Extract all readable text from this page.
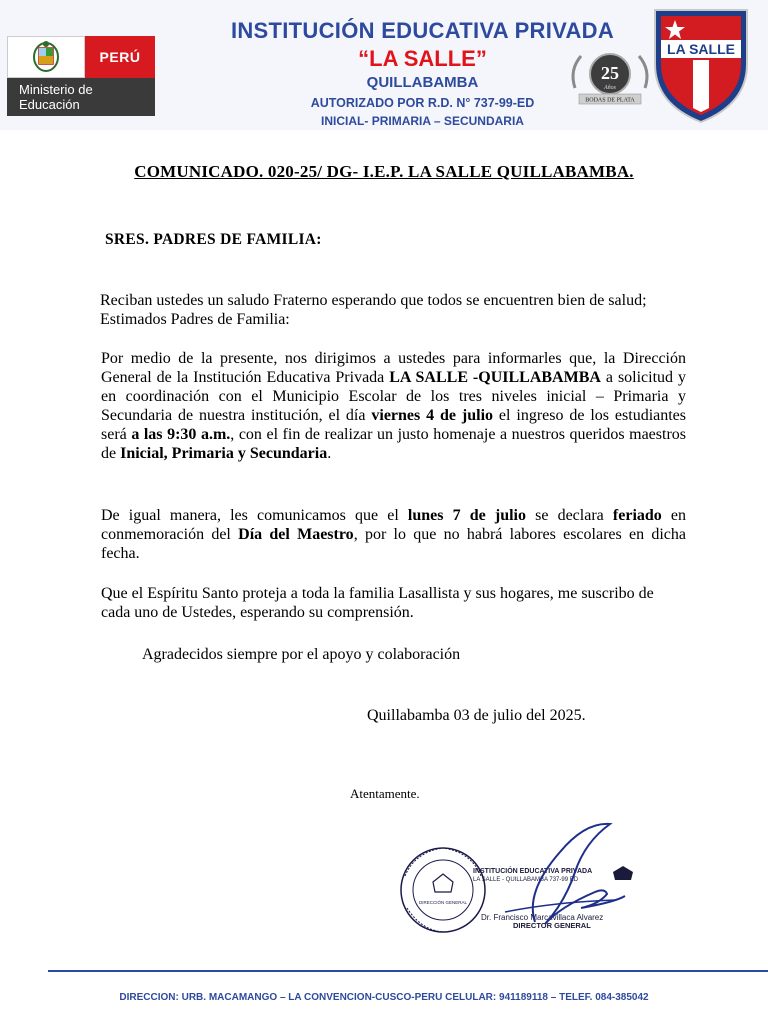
PERÚ
Ministerio de
Educación
INSTITUCIÓN EDUCATIVA PRIVADA
“LA SALLE”
QUILLABAMBA
AUTORIZADO POR R.D. N° 737-99-ED
INICIAL- PRIMARIA – SECUNDARIA
25
Años
BODAS DE PLATA
LA SALLE
COMUNICADO. 020-25/ DG- I.E.P. LA SALLE QUILLABAMBA.
SRES. PADRES DE FAMILIA:
Reciban ustedes un saludo Fraterno esperando que todos se encuentren bien de salud; Estimados Padres de Familia:
Por medio de la presente, nos dirigimos a ustedes para informarles que, la Dirección General de la Institución Educativa Privada LA SALLE -QUILLABAMBA a solicitud y en coordinación con el Municipio Escolar de los tres niveles inicial – Primaria y Secundaria de nuestra institución, el día viernes 4 de julio el ingreso de los estudiantes será a las 9:30 a.m., con el fin de realizar un justo homenaje a nuestros queridos maestros de Inicial, Primaria y Secundaria.
De igual manera, les comunicamos que el lunes 7 de julio se declara feriado en conmemoración del Día del Maestro, por lo que no habrá labores escolares en dicha fecha.
Que el Espíritu Santo proteja a toda la familia Lasallista y sus hogares, me suscribo de cada uno de Ustedes, esperando su comprensión.
Agradecidos siempre por el apoyo y colaboración
Quillabamba 03 de julio del 2025.
Atentamente.
DIRECCIÓN GENERAL
INSTITUCIÓN EDUCATIVA PRIVADA
LA SALLE - QUILLABAMBA 737-99 ED
Dr. Francisco Marcavillaca Alvarez
DIRECTOR GENERAL
DIRECCION: URB. MACAMANGO – LA CONVENCION-CUSCO-PERU CELULAR: 941189118 – TELEF. 084-385042
